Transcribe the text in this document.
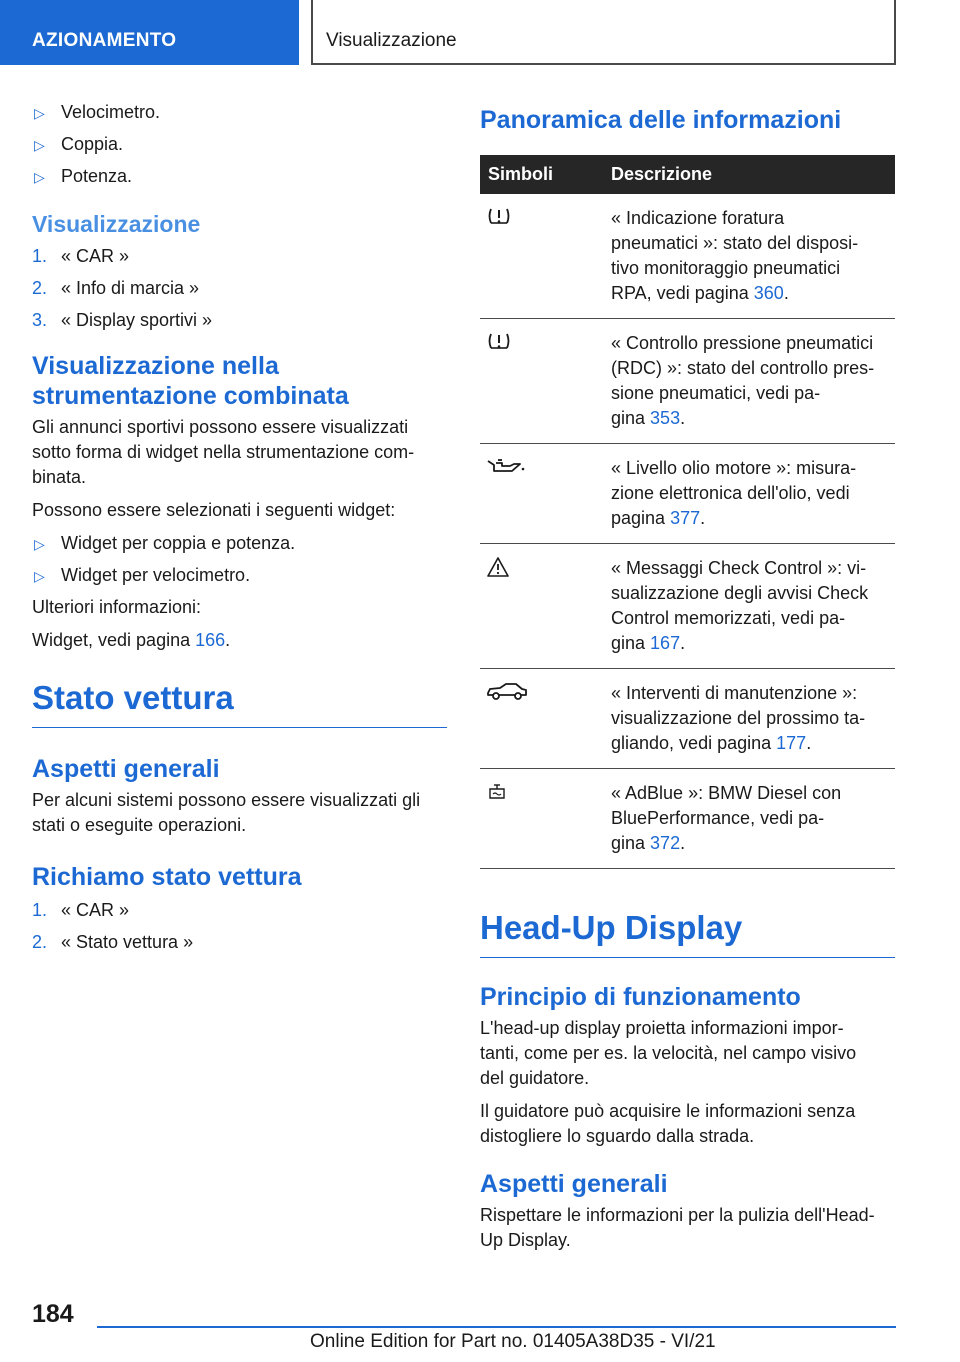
AZIONAMENTO	Visualizzazione
▷ Velocimetro.
▷ Coppia.
▷ Potenza.
Visualizzazione
1. « CAR »
2. « Info di marcia »
3. « Display sportivi »
Visualizzazione nella
strumentazione combinata

Gli annunci sportivi possono essere visualizzati
sotto forma di widget nella strumentazione com-
binata.

Possono essere selezionati i seguenti widget:

▷ Widget per coppia e potenza.
▷ Widget per velocimetro.

Ulteriori informazioni:

Widget, vedi pagina 166.

Stato vettura
Aspetti generali

Per alcuni sistemi possono essere visualizzati gli
stati o eseguite operazioni.

Richiamo stato vettura
1. « CAR »
2. « Stato vettura »
Panoramica delle informazioni
Simboli	Descrizione

	« Indicazione foratura
pneumatici »: stato del disposi-
tivo monitoraggio pneumatici
RPA, vedi pagina 360.

	« Controllo pressione pneumatici
(RDC) »: stato del controllo pres-
sione pneumatici, vedi pa-
gina 353.

	« Livello olio motore »: misura-
zione elettronica dell'olio, vedi
pagina 377.

	« Messaggi Check Control »: vi-
sualizzazione degli avvisi Check
Control memorizzati, vedi pa-
gina 167.

	« Interventi di manutenzione »:
visualizzazione del prossimo ta-
gliando, vedi pagina 177.

	« AdBlue »: BMW Diesel con
BluePerformance, vedi pa-
gina 372.
Head-Up Display
Principio di funzionamento

L'head-up display proietta informazioni impor-
tanti, come per es. la velocità, nel campo visivo
del guidatore.

Il guidatore può acquisire le informazioni senza
distogliere lo sguardo dalla strada.

Aspetti generali

Rispettare le informazioni per la pulizia dell'Head-
Up Display.

184
Online Edition for Part no. 01405A38D35 - VI/21
